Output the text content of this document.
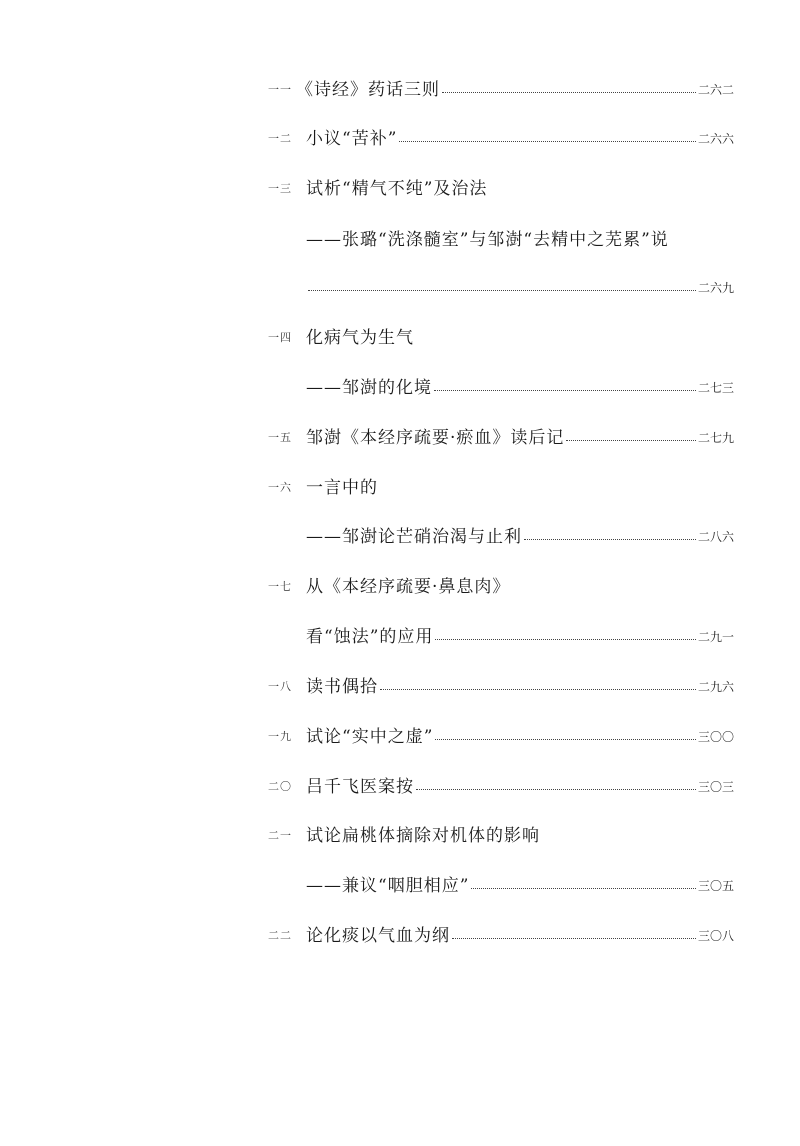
一一 《诗经》药话三则	二六二
一二 小议“苦补”	二六六
一三 试析“精气不纯”及治法
——张璐“洗涤髓室”与邹澍“去精中之芜累”说
二六九
一四 化病气为生气
——邹澍的化境	二七三
一五 邹澍《本经序疏要·瘀血》读后记	二七九
一六 一言中的
——邹澍论芒硝治渴与止利	二八六
一七 从《本经序疏要·鼻息肉》
看“蚀法”的应用	二九一
一八 读书偶拾	二九六
一九 试论“实中之虚”	三〇〇
二〇 吕千飞医案按	三〇三
二一 试论扁桃体摘除对机体的影响
——兼议“咽胆相应”	三〇五
二二 论化痰以气血为纲	三〇八
